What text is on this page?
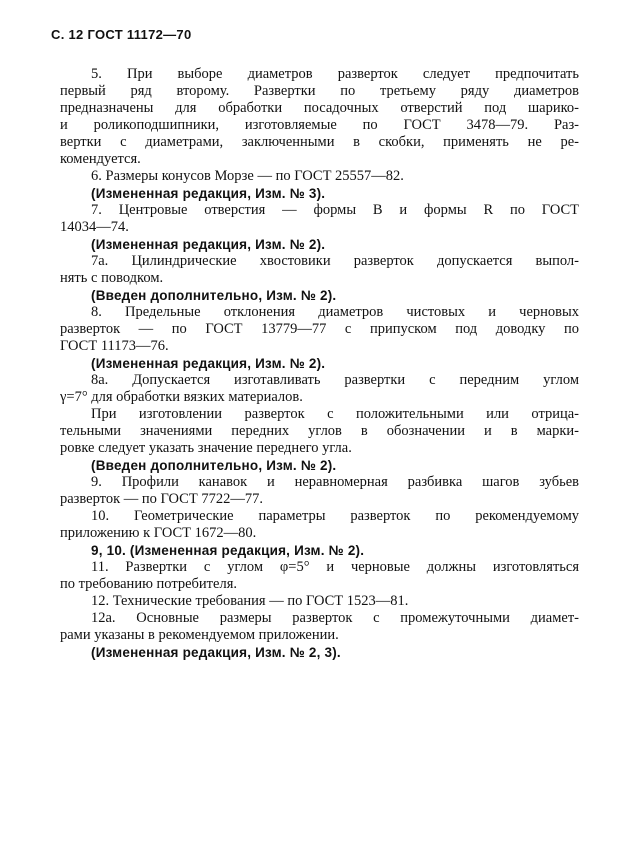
С. 12 ГОСТ 11172—70
5. При выборе диаметров разверток следует предпочитать
первый ряд второму. Развертки по третьему ряду диаметров
предназначены для обработки посадочных отверстий под шарико-
и роликоподшипники, изготовляемые по ГОСТ 3478—79. Раз-
вертки с диаметрами, заключенными в скобки, применять не ре-
комендуется.
6. Размеры конусов Морзе — по ГОСТ 25557—82.
(Измененная редакция, Изм. № 3).
7. Центровые отверстия — формы В и формы R по ГОСТ
14034—74.
(Измененная редакция, Изм. № 2).
7а. Цилиндрические хвостовики разверток допускается выпол-
нять с поводком.
(Введен дополнительно, Изм. № 2).
8. Предельные отклонения диаметров чистовых и черновых
разверток — по ГОСТ 13779—77 с припуском под доводку по
ГОСТ 11173—76.
(Измененная редакция, Изм. № 2).
8а. Допускается изготавливать развертки с передним углом
γ=7° для обработки вязких материалов.
При изготовлении разверток с положительными или отрица-
тельными значениями передних углов в обозначении и в марки-
ровке следует указать значение переднего угла.
(Введен дополнительно, Изм. № 2).
9. Профили канавок и неравномерная разбивка шагов зубьев
разверток — по ГОСТ 7722—77.
10. Геометрические параметры разверток по рекомендуемому
приложению к ГОСТ 1672—80.
9, 10. (Измененная редакция, Изм. № 2).
11. Развертки с углом φ=5° и черновые должны изготовляться
по требованию потребителя.
12. Технические требования — по ГОСТ 1523—81.
12а. Основные размеры разверток с промежуточными диамет-
рами указаны в рекомендуемом приложении.
(Измененная редакция, Изм. № 2, 3).
